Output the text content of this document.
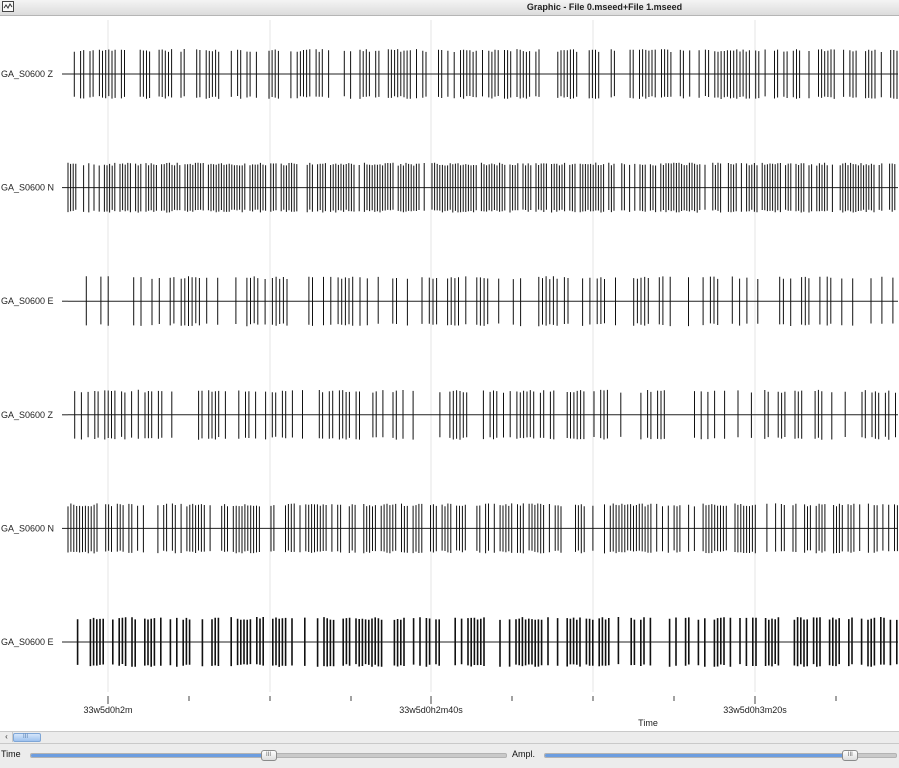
Graphic - File 0.mseed+File 1.mseed
GA_S0600 Z
GA_S0600 N
GA_S0600 E
GA_S0600 Z
GA_S0600 N
GA_S0600 E
33w5d0h2m	33w5d0h2m40s	33w5d0h3m20s
Time
‹	III
Time	III	Ampl.	III
